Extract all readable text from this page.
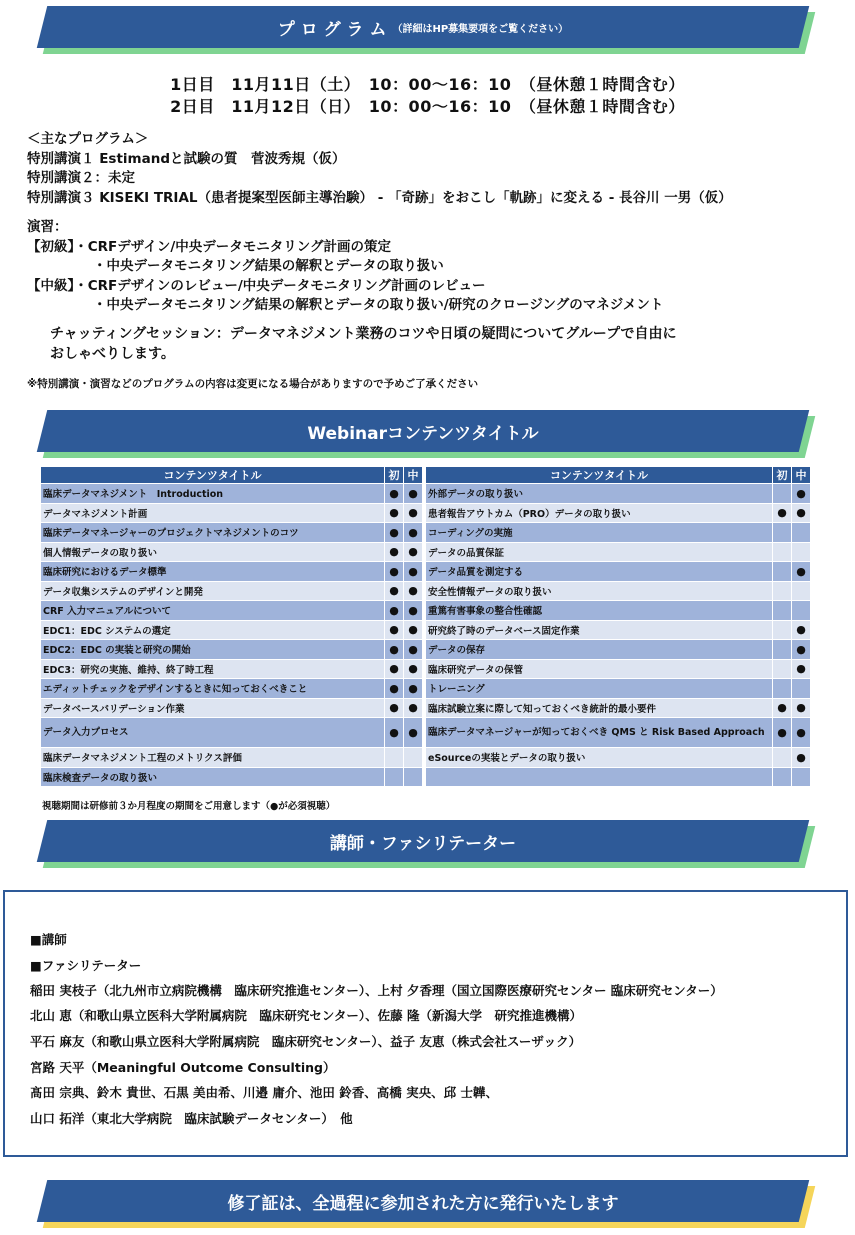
プ ロ グ ラ ム （詳細はHP募集要項をご覧ください）
1日目　11月11日（土）　10：00〜16：10　（昼休憩１時間含む）
2日目　11月12日（日）　10：00〜16：10　（昼休憩１時間含む）
＜主なプログラム＞
特別講演１ Estimandと試験の質　菅波秀規（仮）
特別講演２：未定
特別講演３ KISEKI TRIAL（患者提案型医師主導治験） - 「奇跡」をおこし「軌跡」に変える - 長谷川 一男（仮）
演習：
【初級】・CRFデザイン/中央データモニタリング計画の策定
・中央データモニタリング結果の解釈とデータの取り扱い
【中級】・CRFデザインのレビュー/中央データモニタリング計画のレビュー
・中央データモニタリング結果の解釈とデータの取り扱い/研究のクロージングのマネジメント
チャッティングセッション：データマネジメント業務のコツや日頃の疑問についてグループで自由に
おしゃべりします。
※特別講演・演習などのプログラムの内容は変更になる場合がありますので予めご了承ください
Webinarコンテンツタイトル
コンテンツタイトル	初	中
臨床データマネジメント　Introduction	●	●
データマネジメント計画	●	●
臨床データマネージャーのプロジェクトマネジメントのコツ	●	●
個人情報データの取り扱い	●	●
臨床研究におけるデータ標準	●	●
データ収集システムのデザインと開発	●	●
CRF 入力マニュアルについて	●	●
EDC1：EDC システムの選定	●	●
EDC2：EDC の実装と研究の開始	●	●
EDC3：研究の実施、維持、終了時工程	●	●
エディットチェックをデザインするときに知っておくべきこと	●	●
データベースバリデーション作業	●	●
データ入力プロセス	●	●
臨床データマネジメント工程のメトリクス評価		
臨床検査データの取り扱い		
コンテンツタイトル	初	中
外部データの取り扱い		●
患者報告アウトカム（PRO）データの取り扱い	●	●
コーディングの実施		
データの品質保証		
データ品質を測定する		●
安全性情報データの取り扱い		
重篤有害事象の整合性確認		
研究終了時のデータベース固定作業		●
データの保存		●
臨床研究データの保管		●
トレーニング		
臨床試験立案に際して知っておくべき統計的最小要件	●	●
臨床データマネージャーが知っておくべき QMS と Risk Based Approach	●	●
eSourceの実装とデータの取り扱い		●

視聴期間は研修前３か月程度の期間をご用意します（●が必須視聴）
講師・ファシリテーター
■講師
■ファシリテーター
稲田 実枝子（北九州市立病院機構　臨床研究推進センター）、上村 夕香理（国立国際医療研究センター 臨床研究センター）
北山 恵（和歌山県立医科大学附属病院　臨床研究センター）、佐藤 隆（新潟大学　研究推進機構）
平石 麻友（和歌山県立医科大学附属病院　臨床研究センター）、益子 友恵（株式会社スーザック）
宮路 天平（Meaningful Outcome Consulting）
髙田 宗典、鈴木 貴世、石黒 美由希、川邉 庸介、池田 鈴香、高橋 実央、邱 士韡、
山口 拓洋（東北大学病院　臨床試験データセンター）　他
修了証は、全過程に参加された方に発行いたします
